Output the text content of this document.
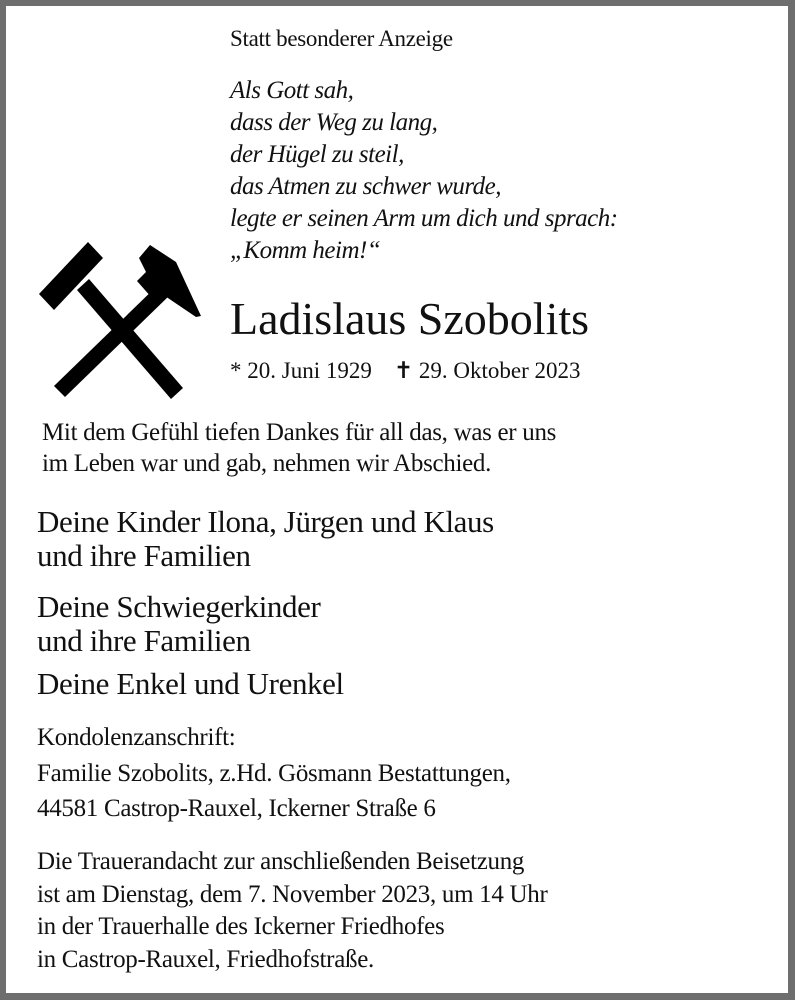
Statt besonderer Anzeige
Als Gott sah,
dass der Weg zu lang,
der Hügel zu steil,
das Atmen zu schwer wurde,
legte er seinen Arm um dich und sprach:
„Komm heim!“
Ladislaus Szobolits
* 20. Juni 1929 ✝ 29. Oktober 2023
Mit dem Gefühl tiefen Dankes für all das, was er uns
im Leben war und gab, nehmen wir Abschied.
Deine Kinder Ilona, Jürgen und Klaus
und ihre Familien
Deine Schwiegerkinder
und ihre Familien
Deine Enkel und Urenkel
Kondolenzanschrift:
Familie Szobolits, z.Hd. Gösmann Bestattungen,
44581 Castrop-Rauxel, Ickerner Straße 6
Die Trauerandacht zur anschließenden Beisetzung
ist am Dienstag, dem 7. November 2023, um 14 Uhr
in der Trauerhalle des Ickerner Friedhofes
in Castrop-Rauxel, Friedhofstraße.
